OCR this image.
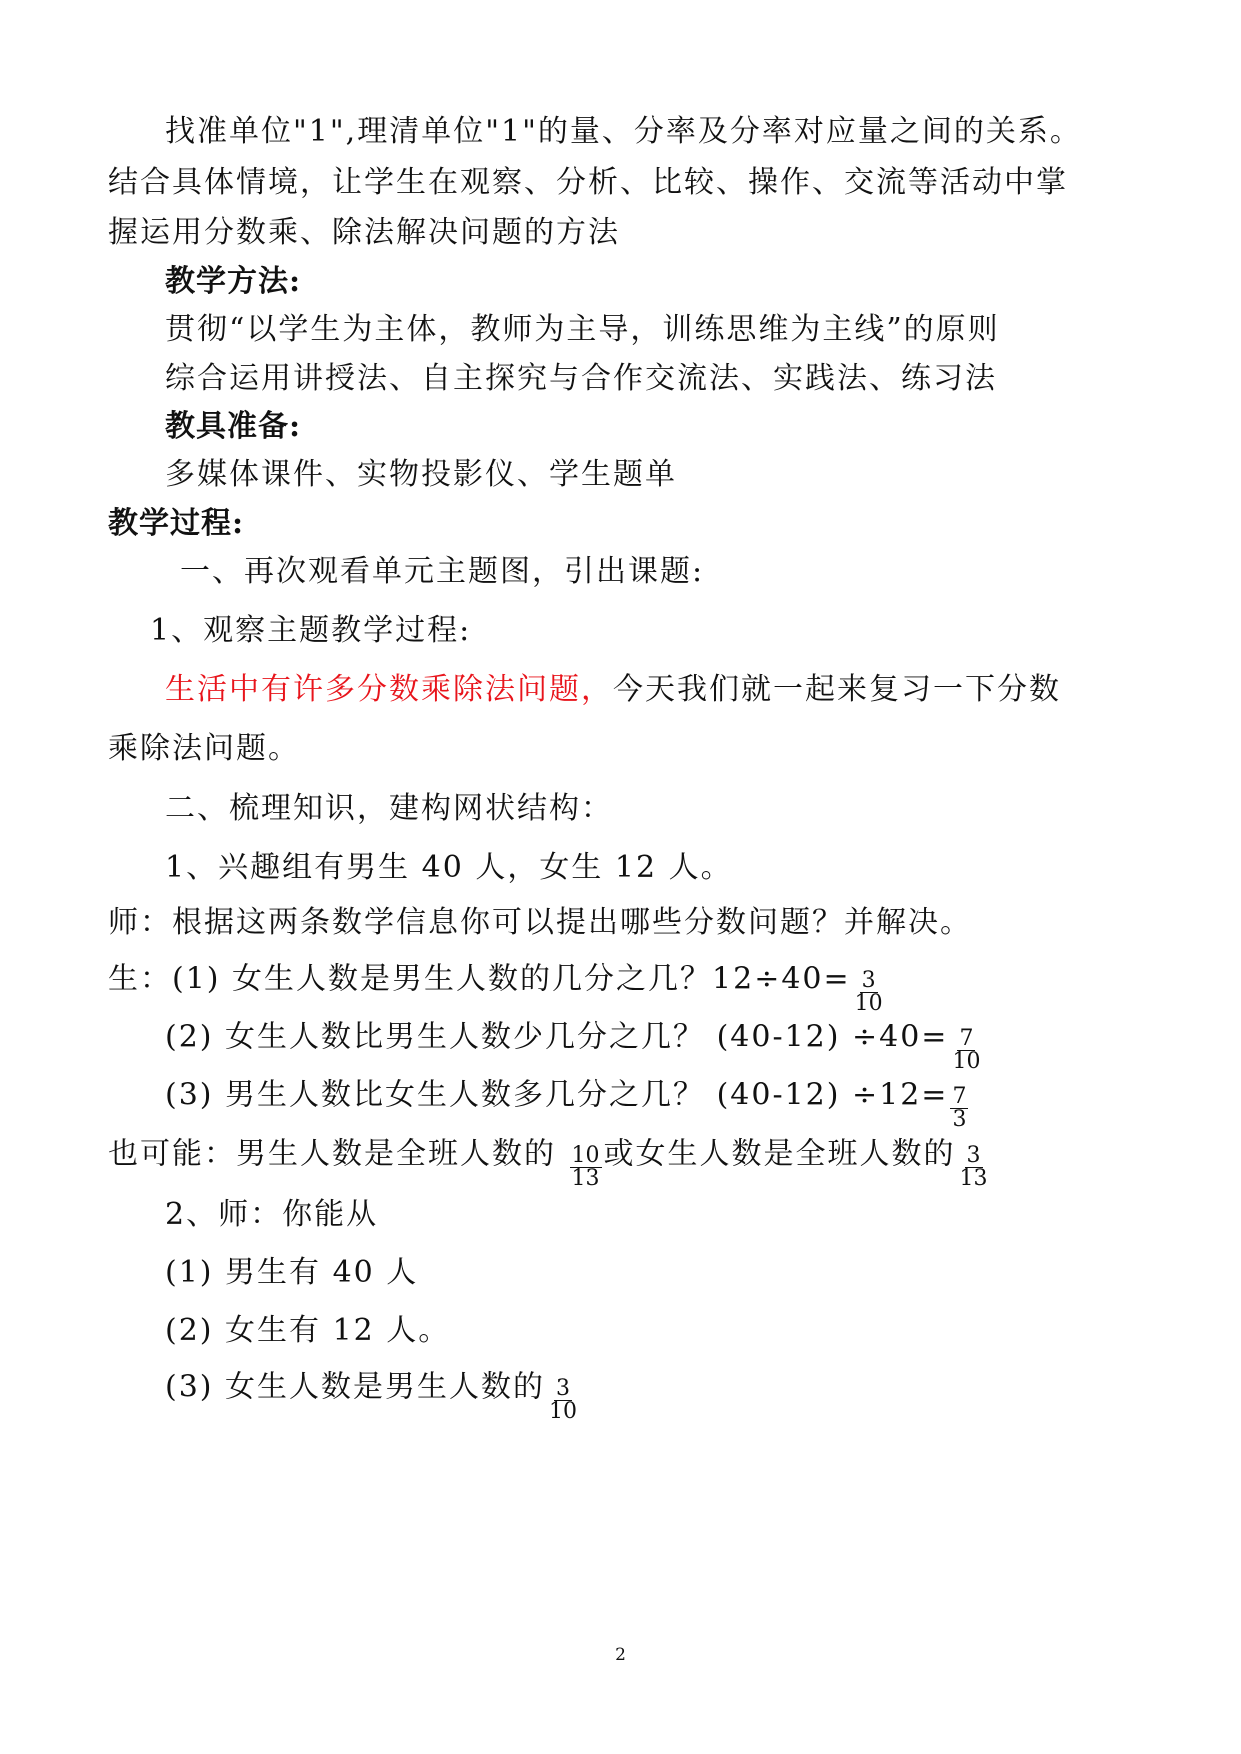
找准单位"1",理清单位"1"的量、分率及分率对应量之间的关系。
结合具体情境，让学生在观察、分析、比较、操作、交流等活动中掌
握运用分数乘、除法解决问题的方法
教学方法:
贯彻“以学生为主体，教师为主导，训练思维为主线”的原则
综合运用讲授法、自主探究与合作交流法、实践法、练习法
教具准备:
多媒体课件、实物投影仪、学生题单
教学过程:
一、再次观看单元主题图，引出课题:
1、观察主题教学过程:
生活中有许多分数乘除法问题，今天我们就一起来复习一下分数
乘除法问题。
二、梳理知识，建构网状结构：
1、兴趣组有男生 40 人，女生 12 人。
师：根据这两条数学信息你可以提出哪些分数问题？并解决。
生：(1) 女生人数是男生人数的几分之几？$12\div 40= \frac{3}{10}$
(2) 女生人数比男生人数少几分之几？ $(40-12) \div 40= \frac{7}{10}$
(3) 男生人数比女生人数多几分之几？ $(40-12) \div 12= \frac{7}{3}$
也可能：男生人数是全班人数的 $\frac{10}{13}$ 或女生人数是全班人数的 $\frac{3}{13}$
2、师：你能从
(1) 男生有 40 人
(2) 女生有 12 人。
(3) 女生人数是男生人数的 $\frac{3}{10}$
2
